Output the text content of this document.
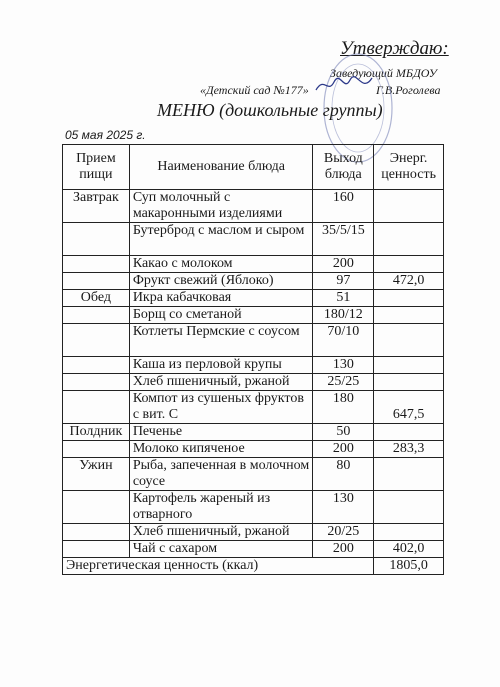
Утверждаю:
Заведующий МБДОУ
«Детский сад №177»	Г.В.Роголева
МЕНЮ (дошкольные группы)
05 мая 2025 г.
Прием пищи	Наименование блюда	Выход блюда	Энерг. ценность
Завтрак	Суп молочный с макаронными изделиями	160	
	Бутерброд с маслом и сыром	35/5/15	
	Какао с молоком	200	
	Фрукт свежий (Яблоко)	97	472,0
Обед	Икра кабачковая	51	
	Борщ со сметаной	180/12	
	Котлеты Пермские с соусом	70/10	
	Каша из перловой крупы	130	
	Хлеб пшеничный, ржаной	25/25	
	Компот из сушеных фруктов с вит. С	180	647,5
Полдник	Печенье	50	
	Молоко кипяченое	200	283,3
Ужин	Рыба, запеченная в молочном соусе	80	
	Картофель жареный из отварного	130	
	Хлеб пшеничный, ржаной	20/25	
	Чай с сахаром	200	402,0
Энергетическая ценность (ккал)			1805,0
